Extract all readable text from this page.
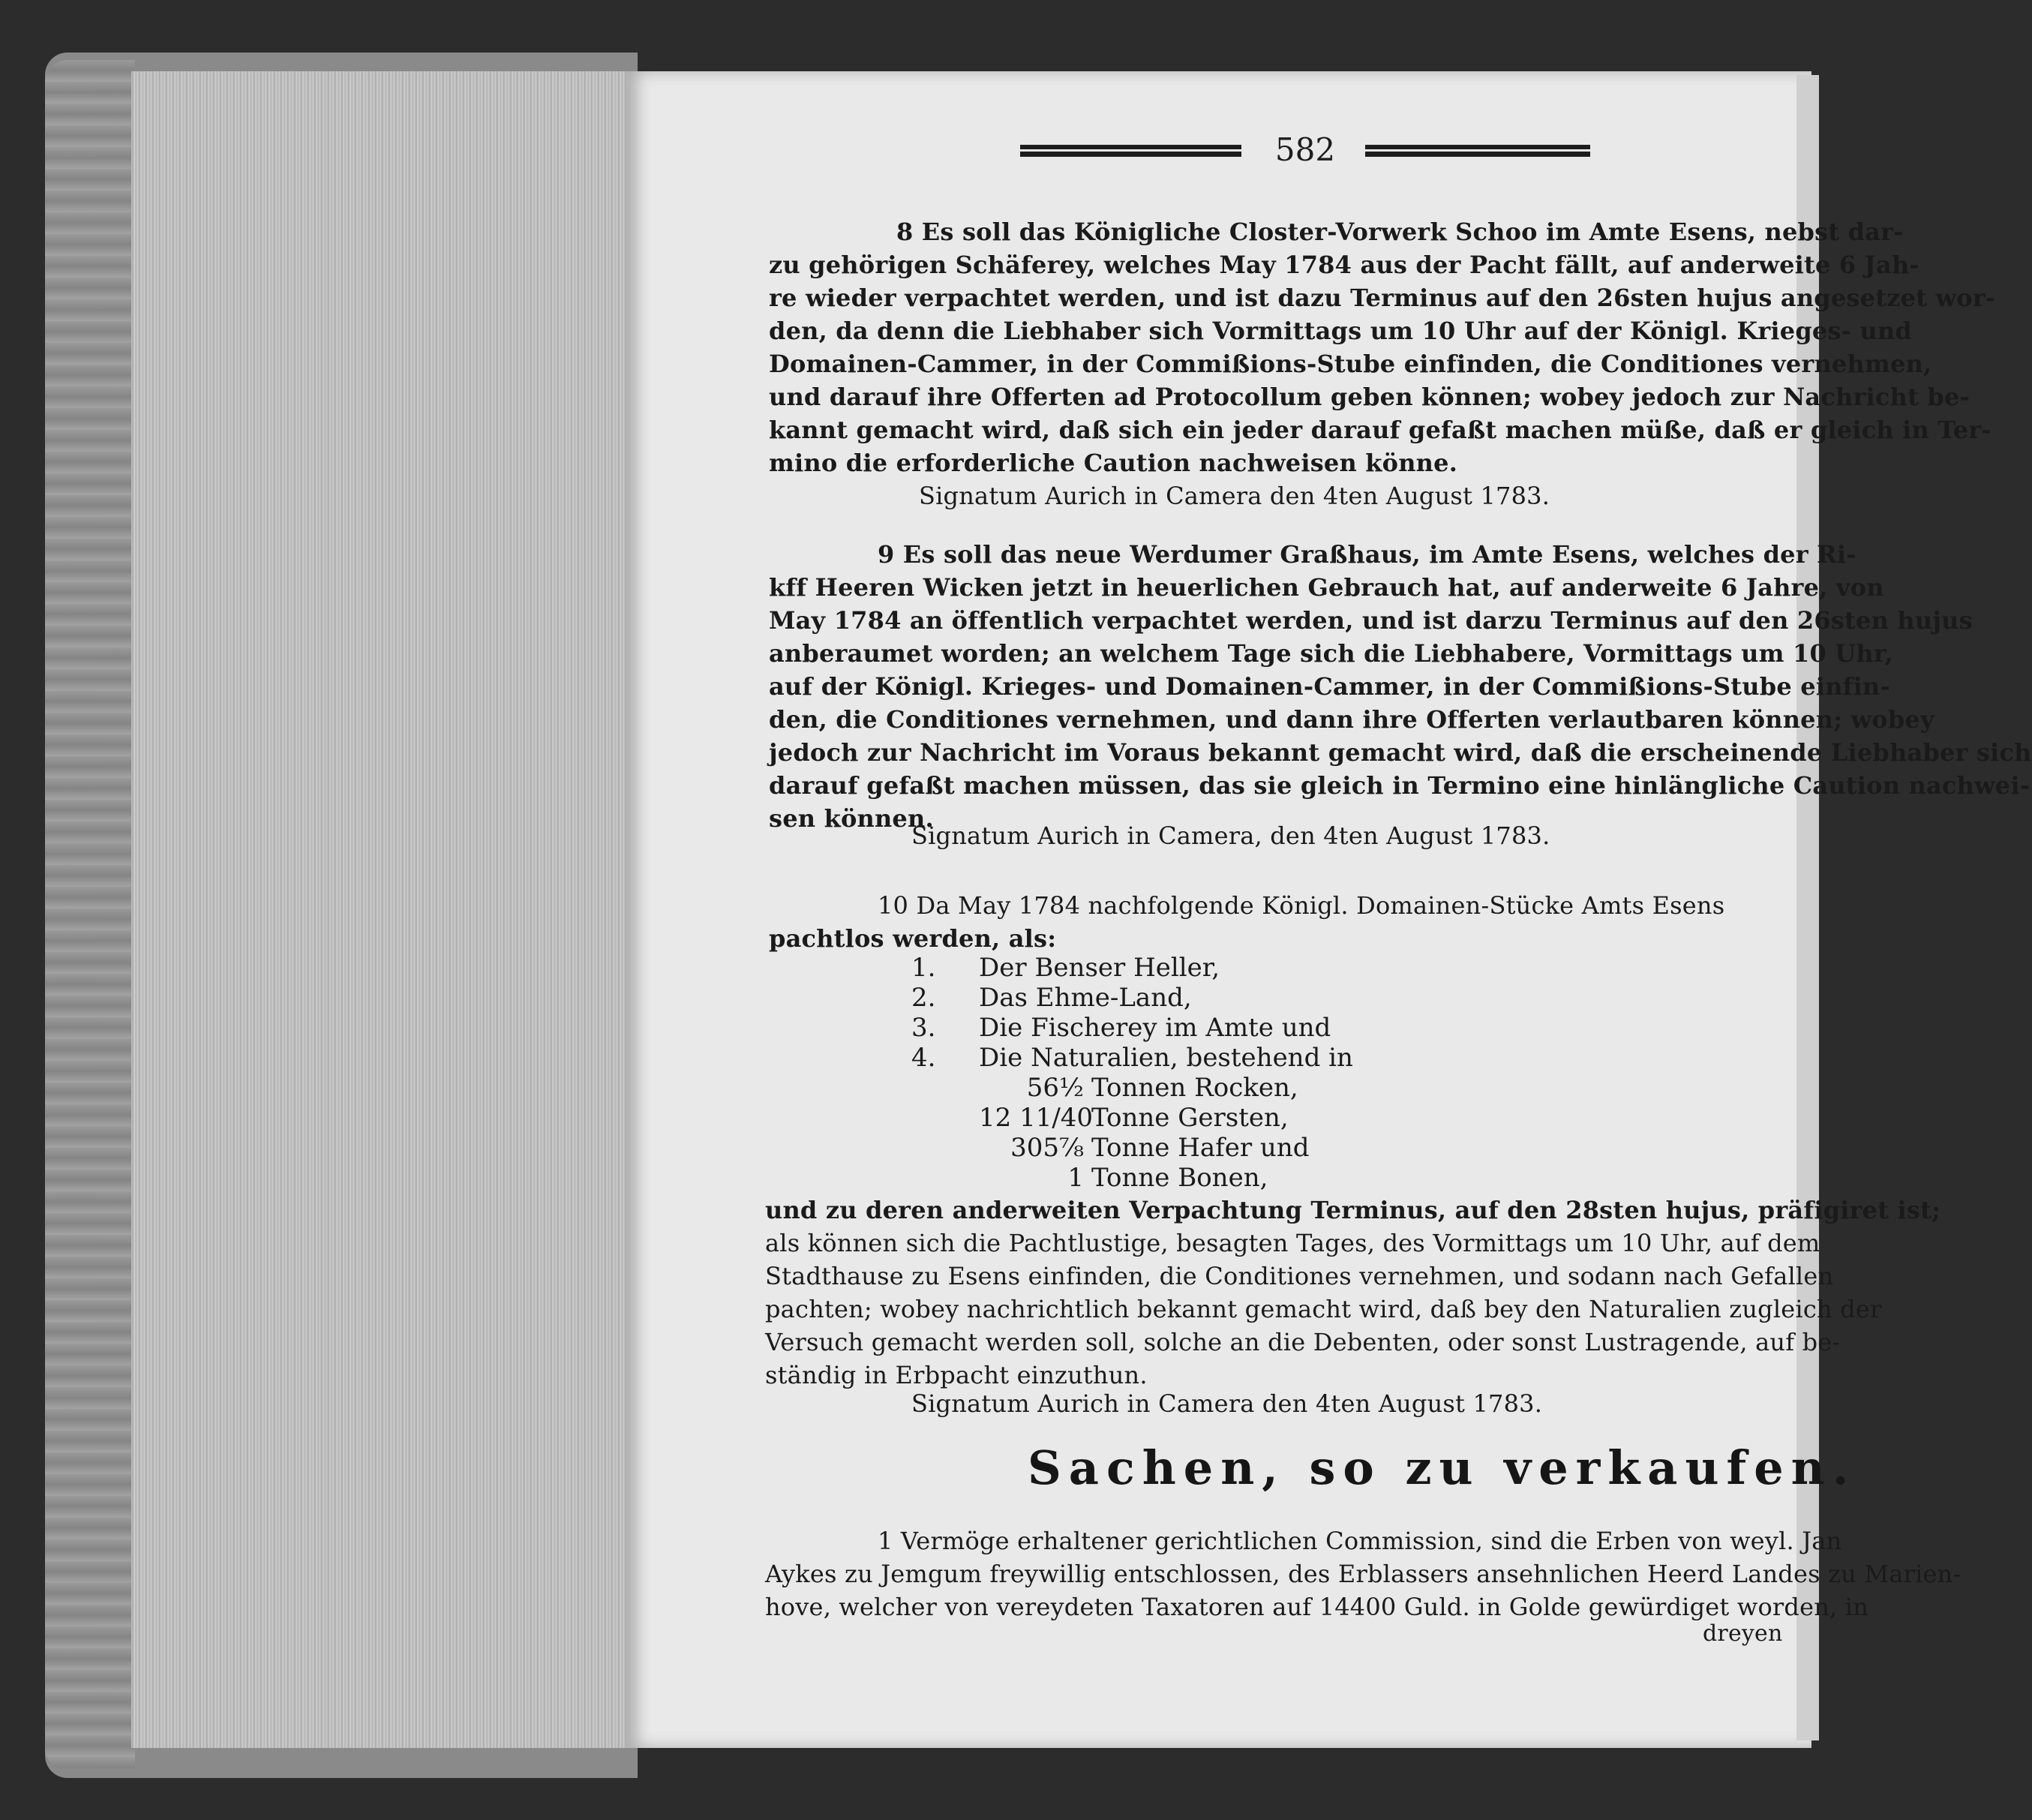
582
8 Es soll das Königliche Closter-Vorwerk Schoo im Amte Esens, nebst dar-
zu gehörigen Schäferey, welches May 1784 aus der Pacht fällt, auf anderweite 6 Jah-
re wieder verpachtet werden, und ist dazu Terminus auf den 26sten hujus angesetzet wor-
den, da denn die Liebhaber sich Vormittags um 10 Uhr auf der Königl. Krieges- und
Domainen-Cammer, in der Commißions-Stube einfinden, die Conditiones vernehmen,
und darauf ihre Offerten ad Protocollum geben können; wobey jedoch zur Nachricht be-
kannt gemacht wird, daß sich ein jeder darauf gefaßt machen müße, daß er gleich in Ter-
mino die erforderliche Caution nachweisen könne.
Signatum Aurich in Camera den 4ten August 1783.
9 Es soll das neue Werdumer Graßhaus, im Amte Esens, welches der Ri-
kff Heeren Wicken jetzt in heuerlichen Gebrauch hat, auf anderweite 6 Jahre, von
May 1784 an öffentlich verpachtet werden, und ist darzu Terminus auf den 26sten hujus
anberaumet worden; an welchem Tage sich die Liebhabere, Vormittags um 10 Uhr,
auf der Königl. Krieges- und Domainen-Cammer, in der Commißions-Stube einfin-
den, die Conditiones vernehmen, und dann ihre Offerten verlautbaren können; wobey
jedoch zur Nachricht im Voraus bekannt gemacht wird, daß die erscheinende Liebhaber sich
darauf gefaßt machen müssen, das sie gleich in Termino eine hinlängliche Caution nachwei-
sen können.
Signatum Aurich in Camera, den 4ten August 1783.
10 Da May 1784 nachfolgende Königl. Domainen-Stücke Amts Esens
pachtlos werden, als:
1. Der Benser Heller,
2. Das Ehme-Land,
3. Die Fischerey im Amte und
4. Die Naturalien, bestehend in
56½ Tonnen Rocken,
12 11/40
Tonne Gersten,
305⅞ Tonne Hafer und
1 Tonne Bonen,
und zu deren anderweiten Verpachtung Terminus, auf den 28sten hujus, präfigiret ist;
als können sich die Pachtlustige, besagten Tages, des Vormittags um 10 Uhr, auf dem
Stadthause zu Esens einfinden, die Conditiones vernehmen, und sodann nach Gefallen
pachten; wobey nachrichtlich bekannt gemacht wird, daß bey den Naturalien zugleich der
Versuch gemacht werden soll, solche an die Debenten, oder sonst Lustragende, auf be-
ständig in Erbpacht einzuthun.
Signatum Aurich in Camera den 4ten August 1783.
Sachen, so zu verkaufen.
1 Vermöge erhaltener gerichtlichen Commission, sind die Erben von weyl. Jan
Aykes zu Jemgum freywillig entschlossen, des Erblassers ansehnlichen Heerd Landes zu Marien-
hove, welcher von vereydeten Taxatoren auf 14400 Guld. in Golde gewürdiget worden, in
dreyen
